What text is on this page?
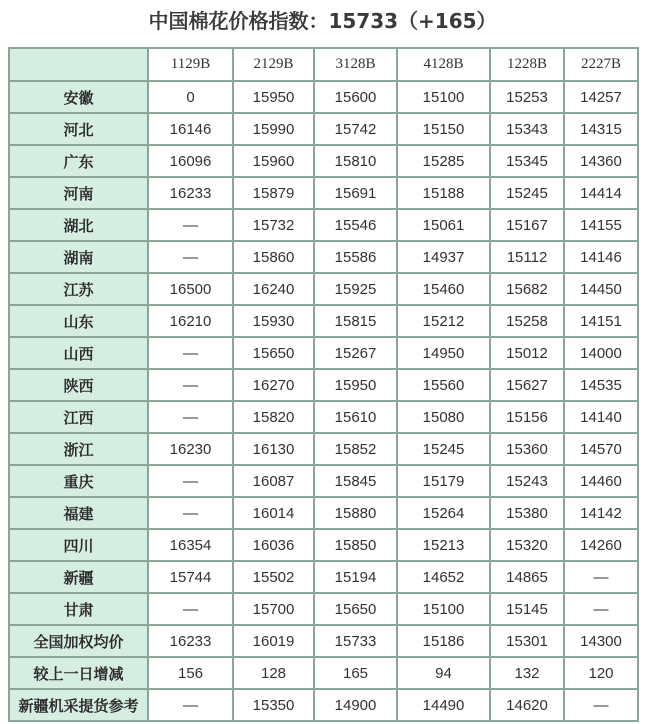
中国棉花价格指数：15733（+165）
	1129B	2129B	3128B	4128B	1228B	2227B
安徽	0	15950	15600	15100	15253	14257
河北	16146	15990	15742	15150	15343	14315
广东	16096	15960	15810	15285	15345	14360
河南	16233	15879	15691	15188	15245	14414
湖北	—	15732	15546	15061	15167	14155
湖南	—	15860	15586	14937	15112	14146
江苏	16500	16240	15925	15460	15682	14450
山东	16210	15930	15815	15212	15258	14151
山西	—	15650	15267	14950	15012	14000
陕西	—	16270	15950	15560	15627	14535
江西	—	15820	15610	15080	15156	14140
浙江	16230	16130	15852	15245	15360	14570
重庆	—	16087	15845	15179	15243	14460
福建	—	16014	15880	15264	15380	14142
四川	16354	16036	15850	15213	15320	14260
新疆	15744	15502	15194	14652	14865	—
甘肃	—	15700	15650	15100	15145	—
全国加权均价	16233	16019	15733	15186	15301	14300
较上一日增减	156	128	165	94	132	120
新疆机采提货参考	—	15350	14900	14490	14620	—
